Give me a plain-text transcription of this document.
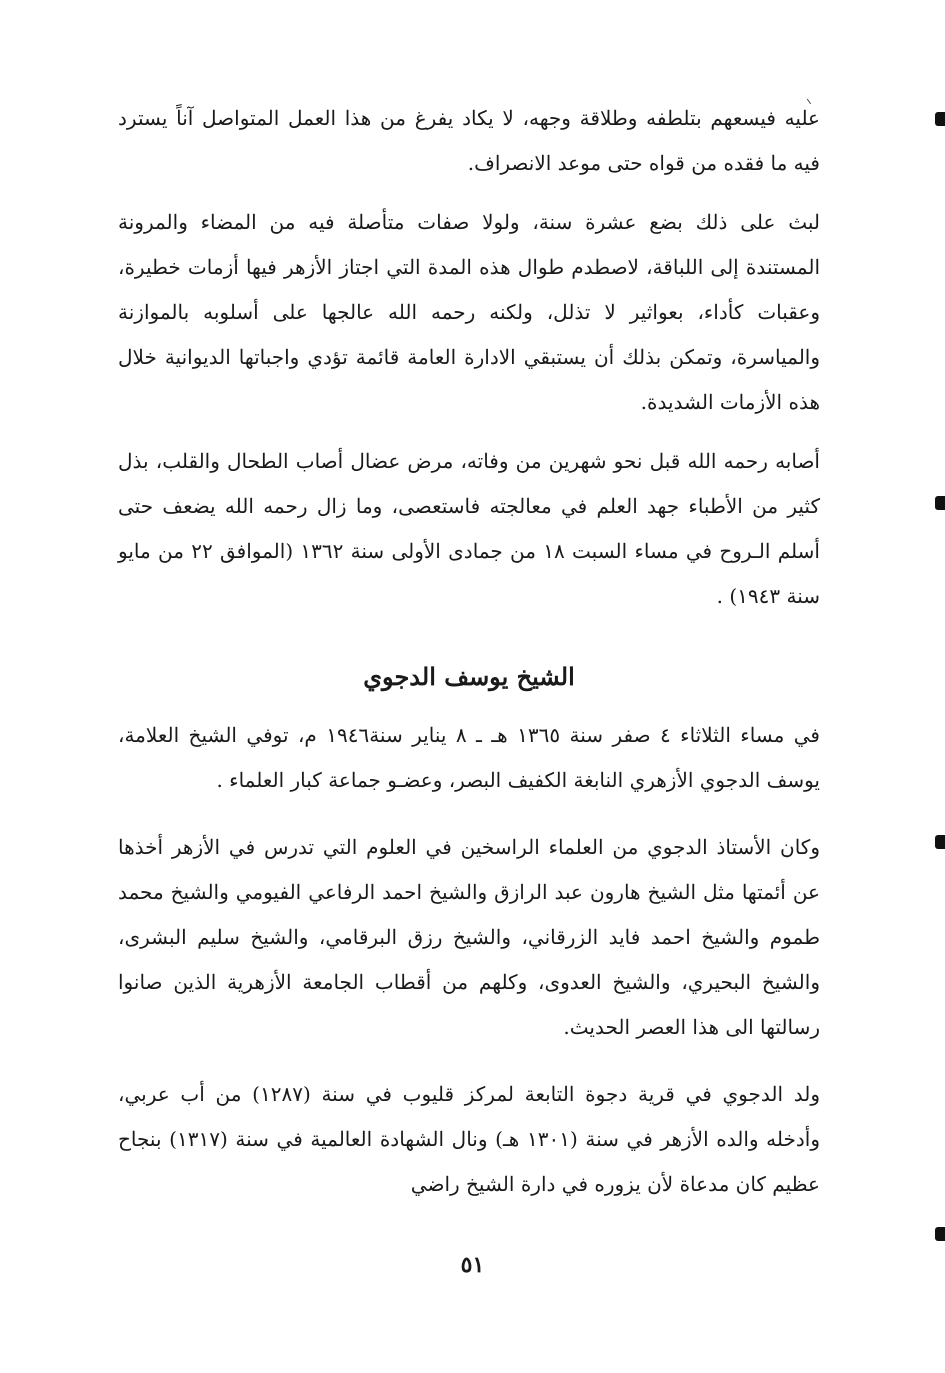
عليه فيسعهم بتلطفه وطلاقة وجهه، لا يكاد يفرغ من هذا العمل المتواصل آناً يسترد فيه ما فقده من قواه حتى موعد الانصراف.

لبث على ذلك بضع عشرة سنة، ولولا صفات متأصلة فيه من المضاء والمرونة المستندة إلى اللباقة، لاصطدم طوال هذه المدة التي اجتاز الأزهر فيها أزمات خطيرة، وعقبات كأداء، بعواثير لا تذلل، ولكنه رحمه الله عالجها على أسلوبه بالموازنة والمياسرة، وتمكن بذلك أن يستبقي الادارة العامة قائمة تؤدي واجباتها الديوانية خلال هذه الأزمات الشديدة.

أصابه رحمه الله قبل نحو شهرين من وفاته، مرض عضال أصاب الطحال والقلب، بذل كثير من الأطباء جهد العلم في معالجته فاستعصى، وما زال رحمه الله يضعف حتى أسلم الـروح في مساء السبت ١٨ من جمادى الأولى سنة ١٣٦٢ (الموافق ٢٢ من مايو سنة ١٩٤٣) .

الشيخ يوسف الدجوي

في مساء الثلاثاء ٤ صفر سنة ١٣٦٥ هـ ـ ٨ يناير سنة١٩٤٦ م، توفي الشيخ العلامة، يوسف الدجوي الأزهري النابغة الكفيف البصر، وعضـو جماعة كبار العلماء .

وكان الأستاذ الدجوي من العلماء الراسخين في العلوم التي تدرس في الأزهر أخذها عن أئمتها مثل الشيخ هارون عبد الرازق والشيخ احمد الرفاعي الفيومي والشيخ محمد طموم والشيخ احمد فايد الزرقاني، والشيخ رزق البرقامي، والشيخ سليم البشرى، والشيخ البحيري، والشيخ العدوى، وكلهم من أقطاب الجامعة الأزهرية الذين صانوا رسالتها الى هذا العصر الحديث.

ولد الدجوي في قرية دجوة التابعة لمركز قليوب في سنة (١٢٨٧) من أب عربي، وأدخله والده الأزهر في سنة (١٣٠١ هـ) ونال الشهادة العالمية في سنة (١٣١٧) بنجاح عظيم كان مدعاة لأن يزوره في دارة الشيخ راضي

٥١
